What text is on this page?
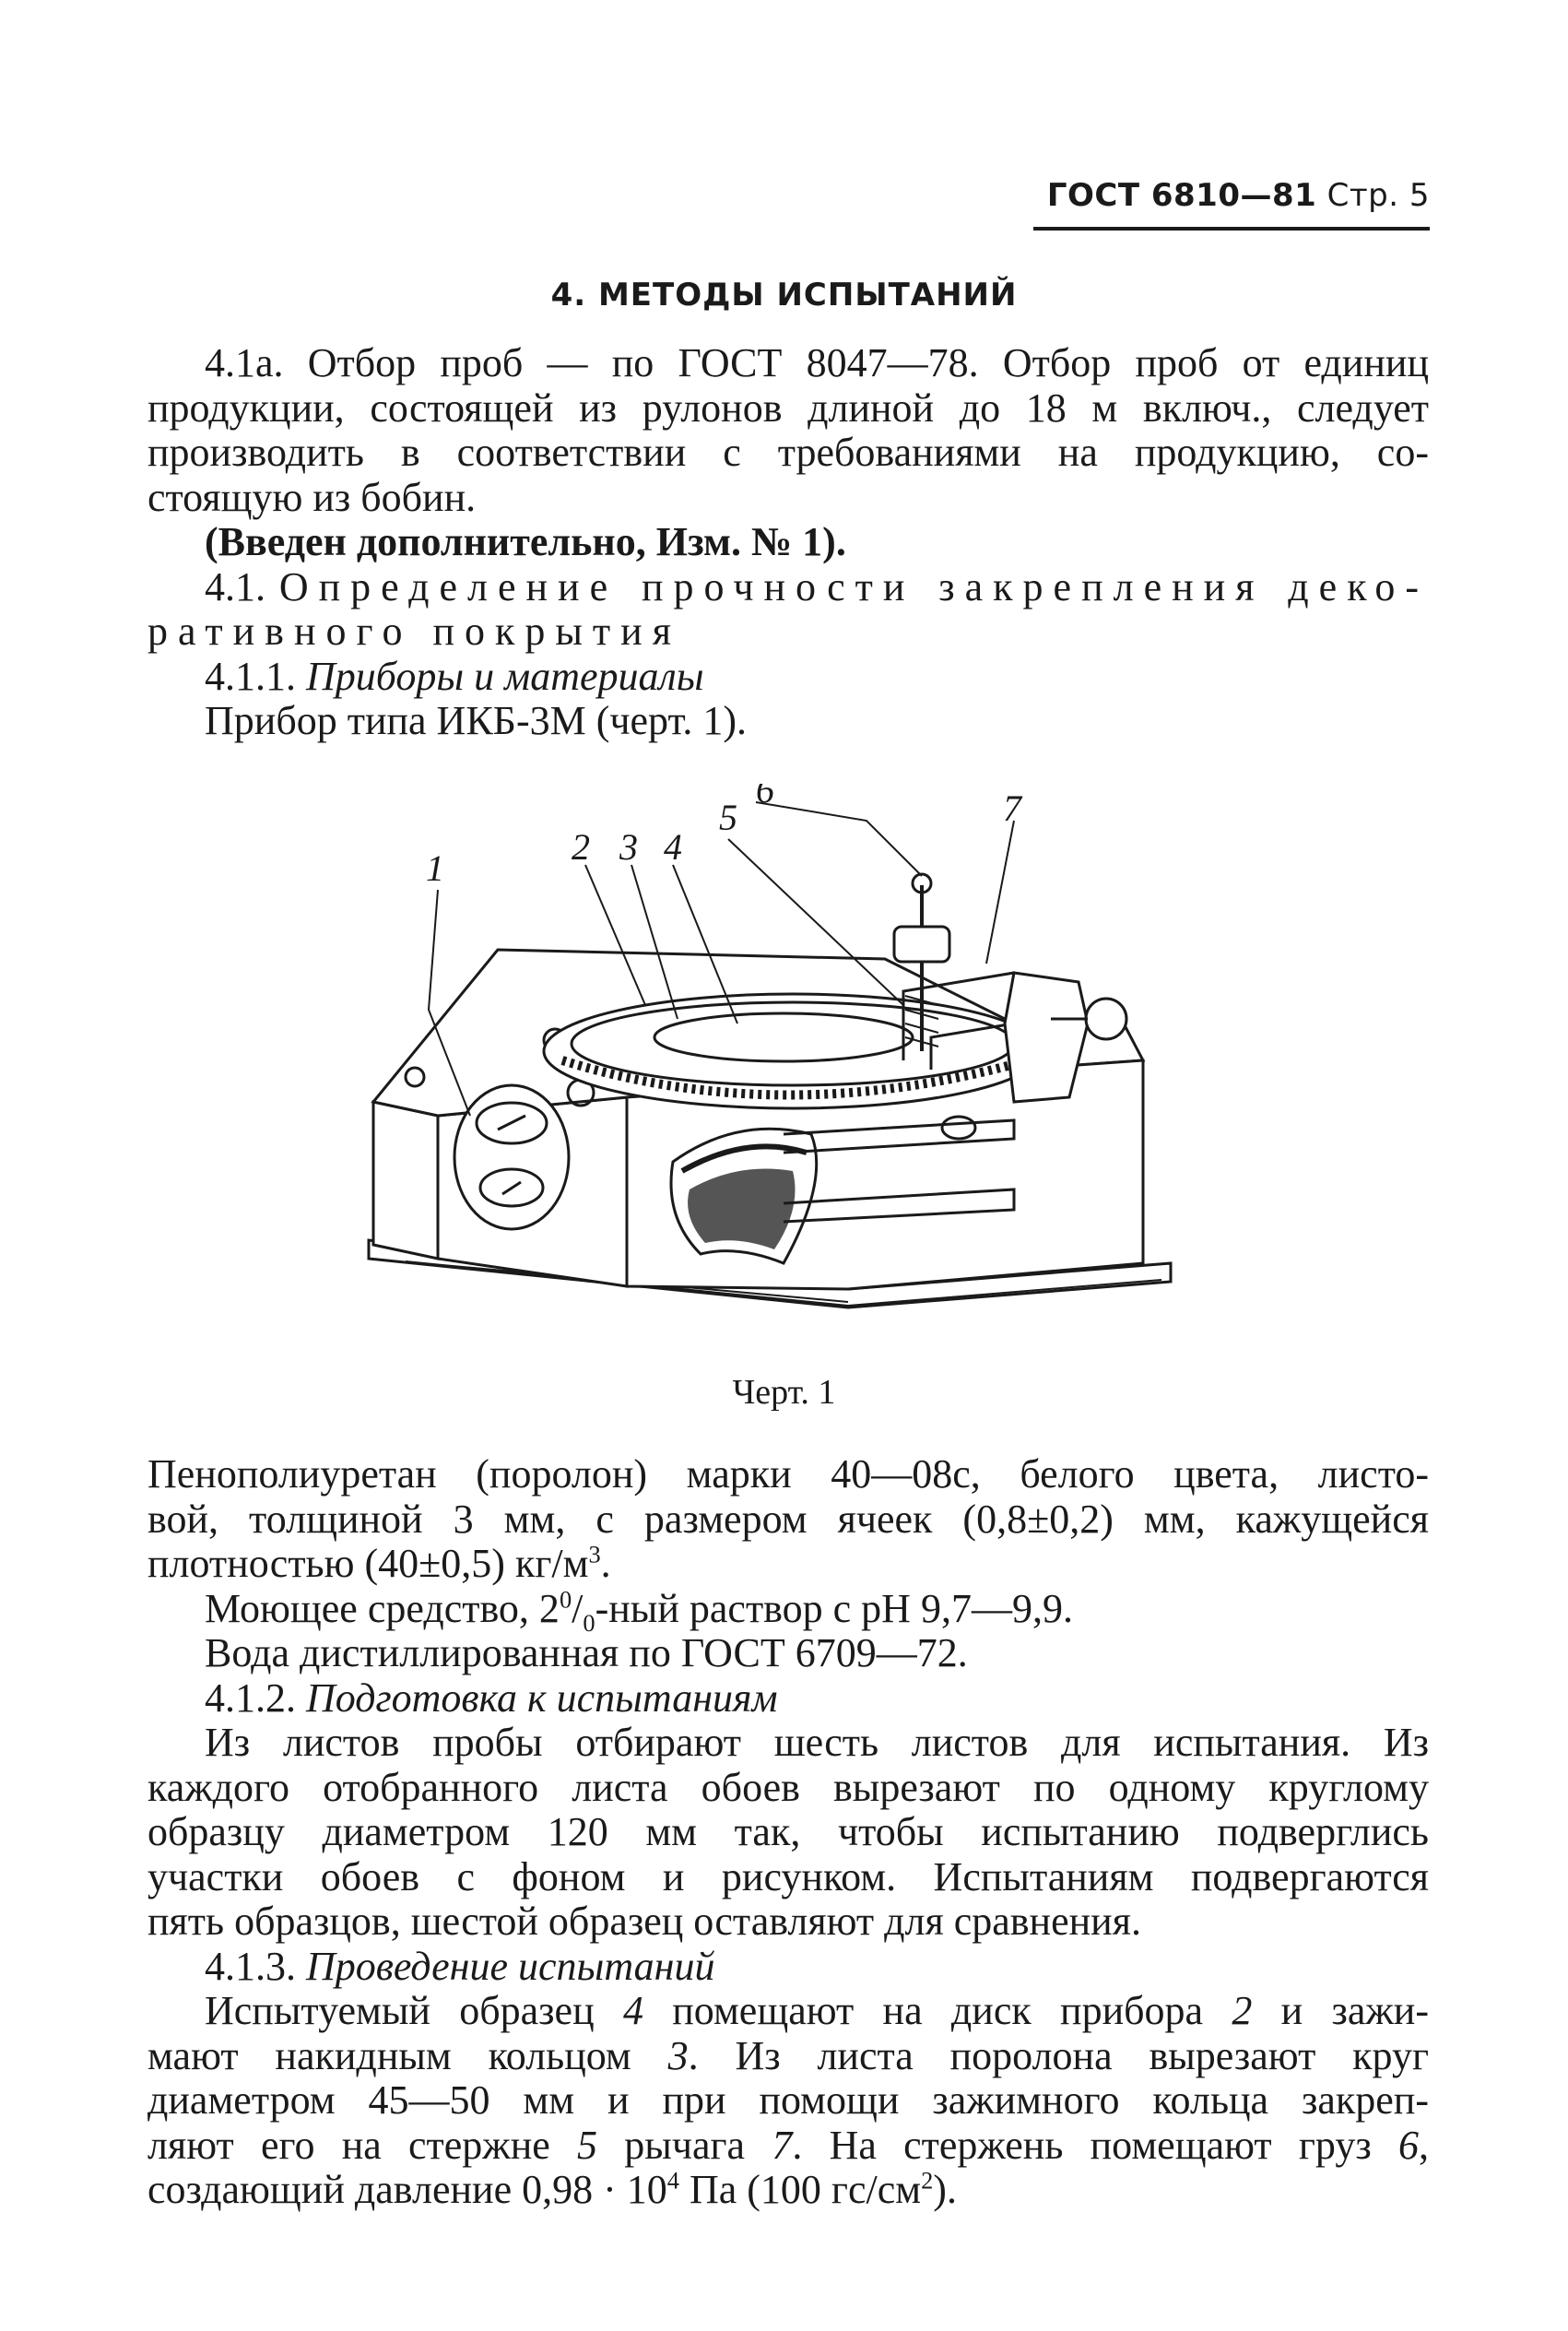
ГОСТ 6810—81 Стр. 5
4. МЕТОДЫ ИСПЫТАНИЙ

4.1а. Отбор проб — по ГОСТ 8047—78. Отбор проб от единиц

продукции, состоящей из рулонов длиной до 18 м включ., следует

производить в соответствии с требованиями на продукцию, со-

стоящую из бобин.

(Введен дополнительно, Изм. № 1).

4.1. Определение прочности закрепления деко-

ративного покрытия

4.1.1. Приборы и материалы

Прибор типа ИКБ-3М (черт. 1).

1
2 3 4
5
6	7
Черт. 1

Пенополиуретан (поролон) марки 40—08с, белого цвета, листо-

вой, толщиной 3 мм, с размером ячеек (0,8±0,2) мм, кажущейся

плотностью (40±0,5) $кг/м^3$.

Моющее средство, $2^0/_0$-ный раствор с рН 9,7—9,9.

Вода дистиллированная по ГОСТ 6709—72.

4.1.2. Подготовка к испытаниям

Из листов пробы отбирают шесть листов для испытания. Из

каждого отобранного листа обоев вырезают по одному круглому

образцу диаметром 120 мм так, чтобы испытанию подверглись

участки обоев с фоном и рисунком. Испытаниям подвергаются

пять образцов, шестой образец оставляют для сравнения.

4.1.3. Проведение испытаний

Испытуемый образец 4 помещают на диск прибора 2 и зажи-

мают накидным кольцом 3. Из листа поролона вырезают круг

диаметром 45—50 мм и при помощи зажимного кольца закреп-

ляют его на стержне 5 рычага 7. На стержень помещают груз 6,

создающий давление $0,98 \cdot 10^4$ Па (100 $гс/см^2$).
